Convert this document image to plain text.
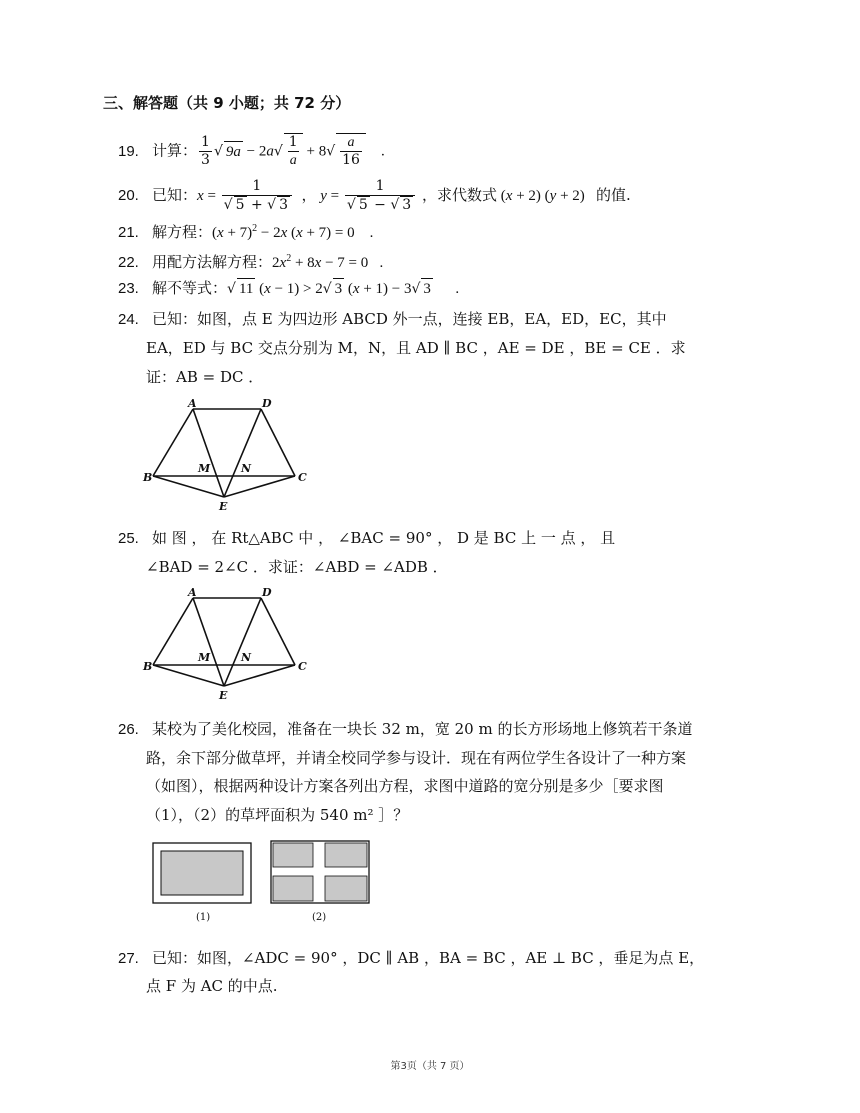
三、解答题（共 9 小题；共 72 分）
19. 计算： $\frac{1}{3}$ √ $9a - 2a√ \frac{1}{a} + 8√ \frac{a}{16}$ .
20. 已知：$x = \frac{1}{√ 5 + √ 3}$ ， $y = \frac{1}{√ 5 - √ 3}$ ，求代数式 (x + 2) (y + 2)   的值.
21. 解方程：$(x + 7)^2 - 2x$ (x + 7) = 0    .
22. 用配方法解方程：$2x^2 + 8x - 7 = 0$   .
23. 解不等式：√ 11 (x − 1) > 2√ 3 (x + 1) − 3√ 3      .
24. 已知：如图，点 E 为四边形 ABCD 外一点，连接 EB，EA，ED，EC，其中
EA，ED 与 BC 交点分别为 M，N，且 AD ∥ BC ，AE = DE ，BE = CE ．求
证：AB = DC ．
A	D
B	C
M	N
E
25. 如 图 ， 在 Rt△ABC 中 ， ∠BAC = 90° ， D 是 BC 上 一 点 ， 且
∠BAD = 2∠C ．求证：∠ABD = ∠ADB ．
A	D
B	C
M	N
E
26. 某校为了美化校园，准备在一块长 32 m，宽 20 m 的长方形场地上修筑若干条道
路，余下部分做草坪，并请全校同学参与设计．现在有两位学生各设计了一种方案
（如图），根据两种设计方案各列出方程，求图中道路的宽分别是多少［要求图
（1），（2）的草坪面积为 540 m² ］？
(1)	(2)
27. 已知：如图，∠ADC = 90° ，DC ∥ AB ，BA = BC ，AE ⊥ BC ，垂足为点 E，
点 F 为 AC 的中点.
第3页（共 7 页）
